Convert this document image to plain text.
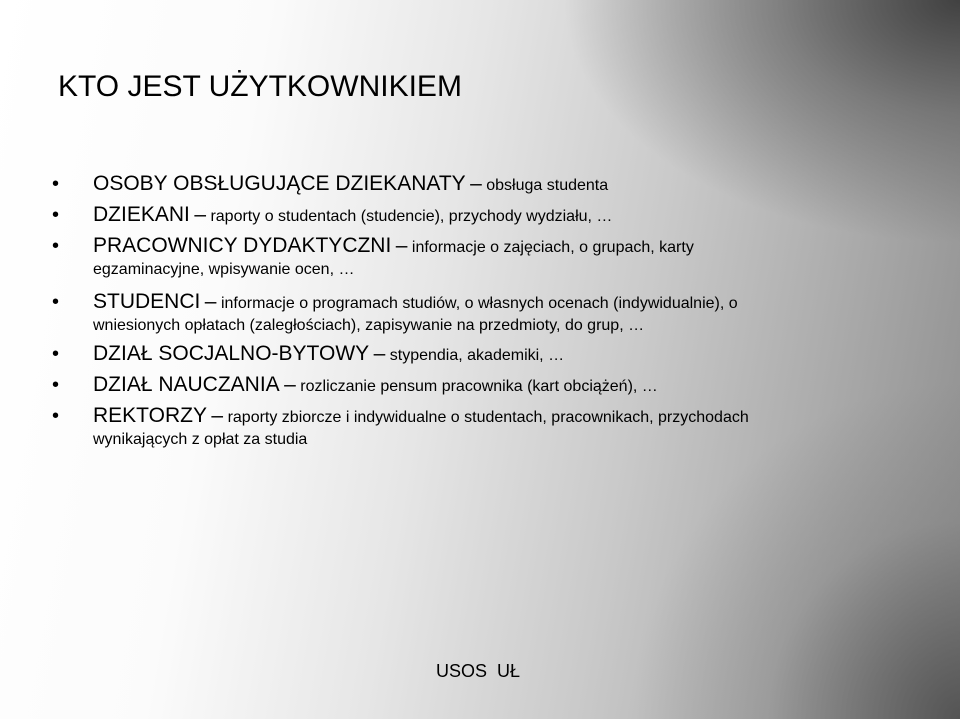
KTO JEST UŻYTKOWNIKIEM
• OSOBY OBSŁUGUJĄCE DZIEKANATY – obsługa studenta

• DZIEKANI – raporty o studentach (studencie), przychody wydziału, …

• PRACOWNICY DYDAKTYCZNI – informacje o zajęciach, o grupach, karty

egzaminacyjne, wpisywanie ocen, …
• STUDENCI – informacje o programach studiów, o własnych ocenach (indywidualnie), o

wniesionych opłatach (zaległościach), zapisywanie na przedmioty, do grup, …
• DZIAŁ SOCJALNO-BYTOWY – stypendia, akademiki, …

• DZIAŁ NAUCZANIA – rozliczanie pensum pracownika (kart obciążeń), …

• REKTORZY – raporty zbiorcze i indywidualne o studentach, pracownikach, przychodach

wynikających z opłat za studia
USOS  UŁ
